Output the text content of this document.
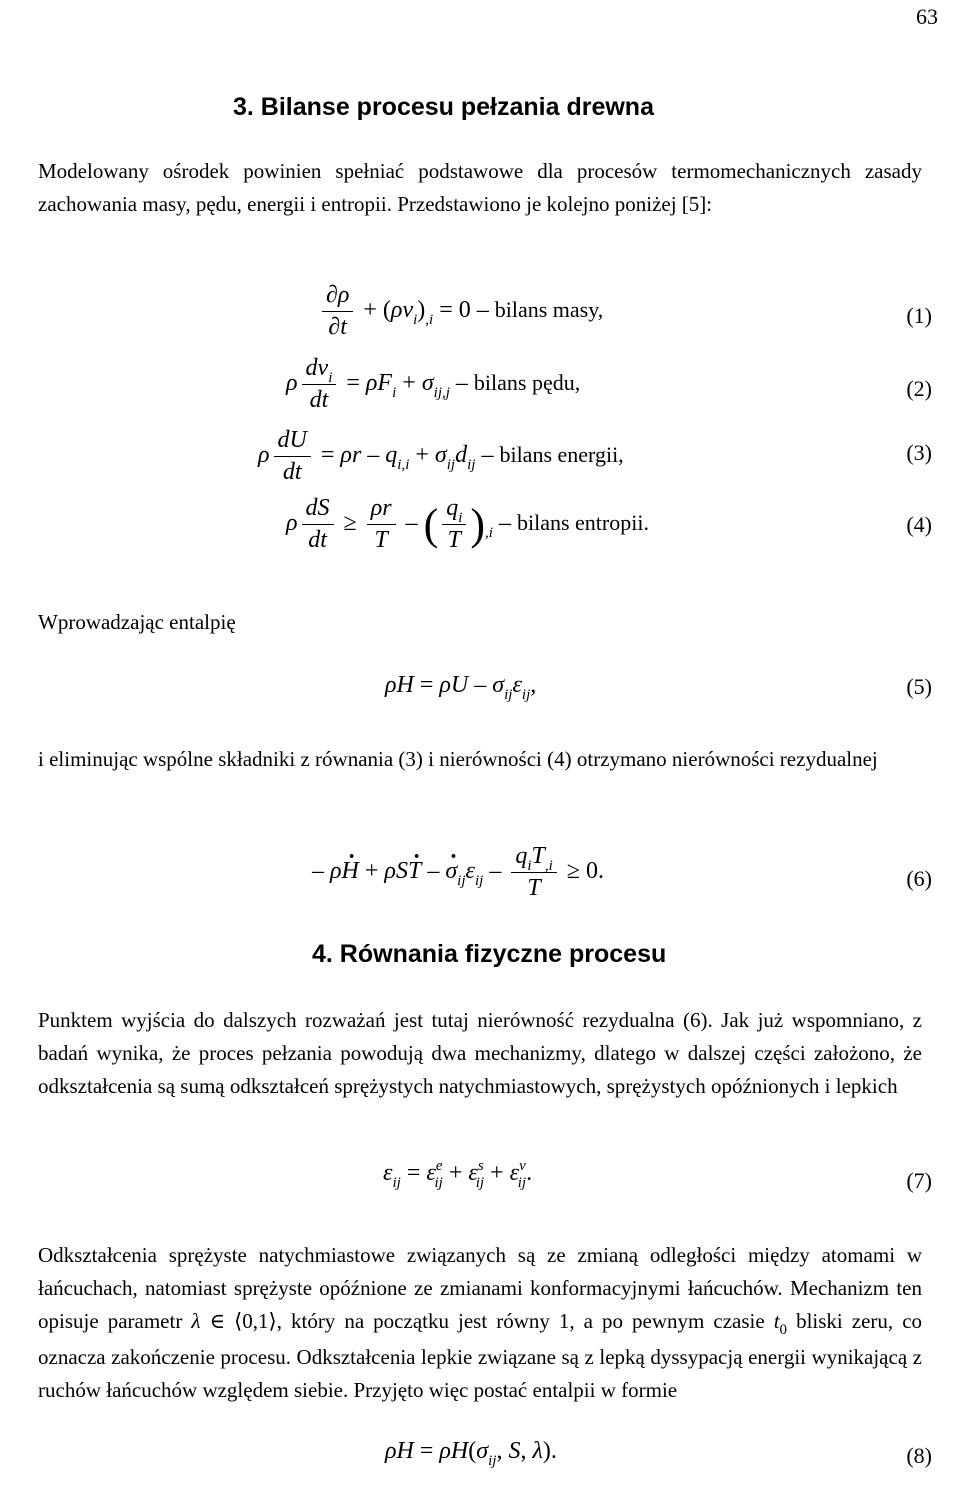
63
3. Bilanse procesu pełzania drewna
Modelowany ośrodek powinien spełniać podstawowe dla procesów termomechanicznych zasady zachowania masy, pędu, energii i entropii. Przedstawiono je kolejno poniżej [5]:
$\frac{\partial\rho}{\partial t} + (\rho v_i)_{,i} = 0$ – bilans masy,	(1)
ρ $\frac{dv_i}{dt} = \rho F_i + \sigma_{ij,j}$ – bilans pędu,	(2)
ρ $\frac{dU}{dt} = \rho r - q_{i,i} + \sigma_{ij}d_{ij}$ – bilans energii,	(3)
ρ $\frac{dS}{dt} \ge \frac{\rho r}{T}$ – ( $\frac{q_i}{T} )_{,i}$ – bilans entropii.	(4)
Wprowadzając entalpię
$\rho H = \rho U - \sigma_{ij}\varepsilon_{ij}$,	(5)
i eliminując wspólne składniki z równania (3) i nierówności (4) otrzymano nierówności rezydualnej
– ρH · + ρST · – $\sigma \cdot_{ij}\varepsilon_{ij} - \frac{q_iT_{,i}}{T} \ge 0$.	(6)
4. Równania fizyczne procesu
Punktem wyjścia do dalszych rozważań jest tutaj nierówność rezydualna (6). Jak już wspomniano, z badań wynika, że proces pełzania powodują dwa mechanizmy, dlatego w dalszej części założono, że odkształcenia są sumą odkształceń sprężystych natychmiastowych, sprężystych opóźnionych i lepkich
$\varepsilon_{ij} = \varepsilon^e_{ij} + \varepsilon^s_{ij} + \varepsilon^v_{ij}$.	(7)
Odkształcenia sprężyste natychmiastowe związanych są ze zmianą odległości między atomami w łańcuchach, natomiast sprężyste opóźnione ze zmianami konformacyjnymi łańcuchów. Mechanizm ten opisuje parametr λ ∈ ⟨0,1⟩, który na początku jest równy 1, a po pewnym czasie $t_0$ bliski zeru, co oznacza zakończenie procesu. Odkształcenia lepkie związane są z lepką dyssypacją energii wynikającą z ruchów łańcuchów względem siebie. Przyjęto więc postać entalpii w formie
$\rho H = \rho H(\sigma_{ij}$, S, λ).	(8)
